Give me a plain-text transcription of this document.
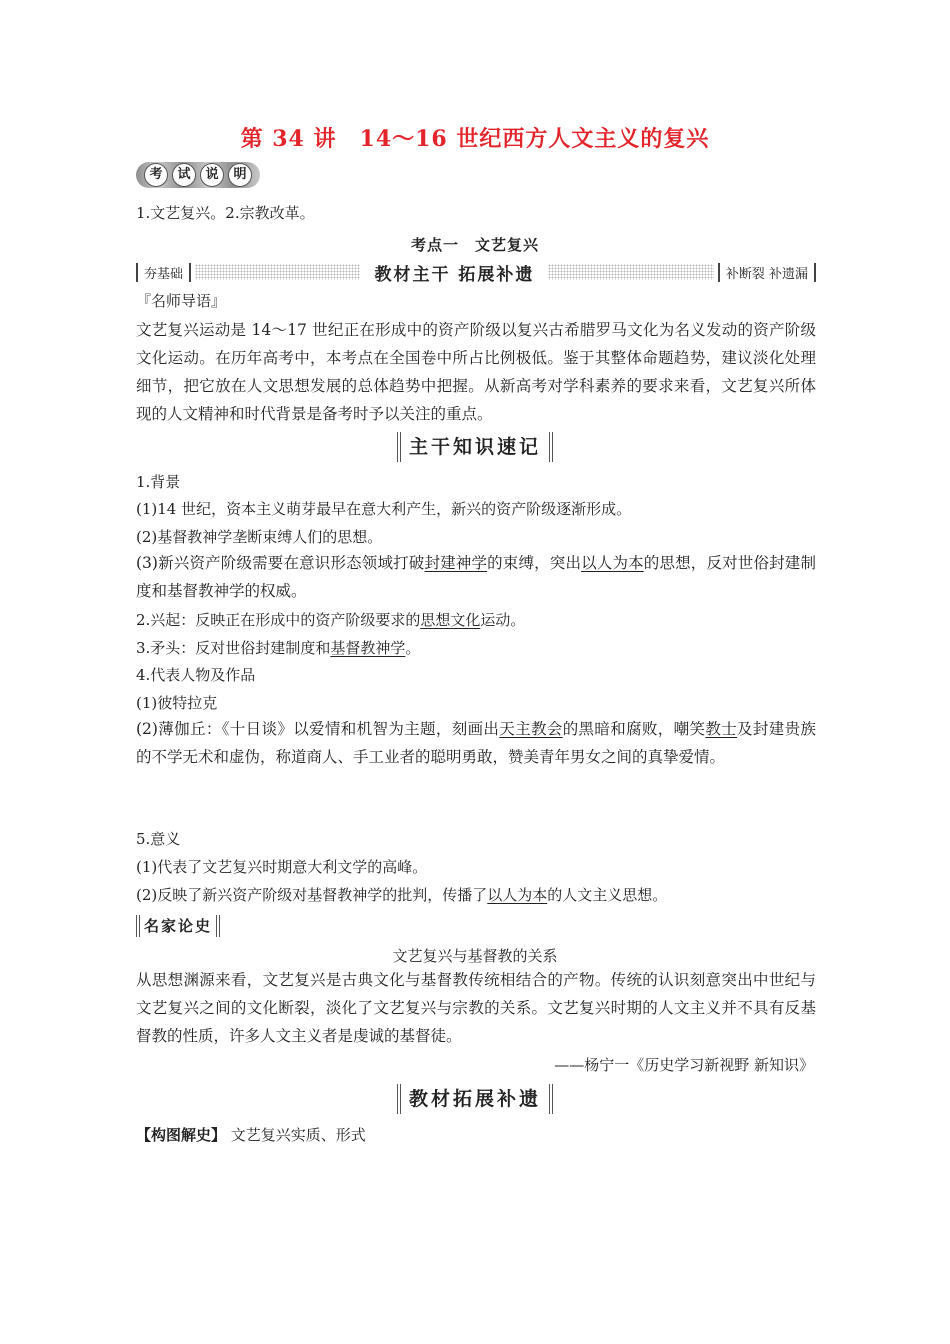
第 34 讲　14～16 世纪西方人文主义的复兴
考	试	说	明
1.文艺复兴。2.宗教改革。
考点一　文艺复兴
夯基础	教材主干 拓展补遗	补断裂 补遗漏
『名师导语』
文艺复兴运动是 14～17 世纪正在形成中的资产阶级以复兴古希腊罗马文化为名义发动的资产阶级文化运动。在历年高考中，本考点在全国卷中所占比例极低。鉴于其整体命题趋势，建议淡化处理细节，把它放在人文思想发展的总体趋势中把握。从新高考对学科素养的要求来看，文艺复兴所体现的人文精神和时代背景是备考时予以关注的重点。
主干知识速记
1.背景
(1)14 世纪，资本主义萌芽最早在意大利产生，新兴的资产阶级逐渐形成。
(2)基督教神学垄断束缚人们的思想。
(3)新兴资产阶级需要在意识形态领域打破封建神学的束缚，突出以人为本的思想，反对世俗封建制度和基督教神学的权威。
2.兴起：反映正在形成中的资产阶级要求的思想文化运动。
3.矛头：反对世俗封建制度和基督教神学。
4.代表人物及作品
(1)彼特拉克
(2)薄伽丘：《十日谈》以爱情和机智为主题，刻画出天主教会的黑暗和腐败，嘲笑教士及封建贵族的不学无术和虚伪，称道商人、手工业者的聪明勇敢，赞美青年男女之间的真挚爱情。
5.意义
(1)代表了文艺复兴时期意大利文学的高峰。
(2)反映了新兴资产阶级对基督教神学的批判，传播了以人为本的人文主义思想。
名家论史
文艺复兴与基督教的关系
从思想渊源来看，文艺复兴是古典文化与基督教传统相结合的产物。传统的认识刻意突出中世纪与文艺复兴之间的文化断裂，淡化了文艺复兴与宗教的关系。文艺复兴时期的人文主义并不具有反基督教的性质，许多人文主义者是虔诚的基督徒。
——杨宁一《历史学习新视野 新知识》
教材拓展补遗
【构图解史】 文艺复兴实质、形式
